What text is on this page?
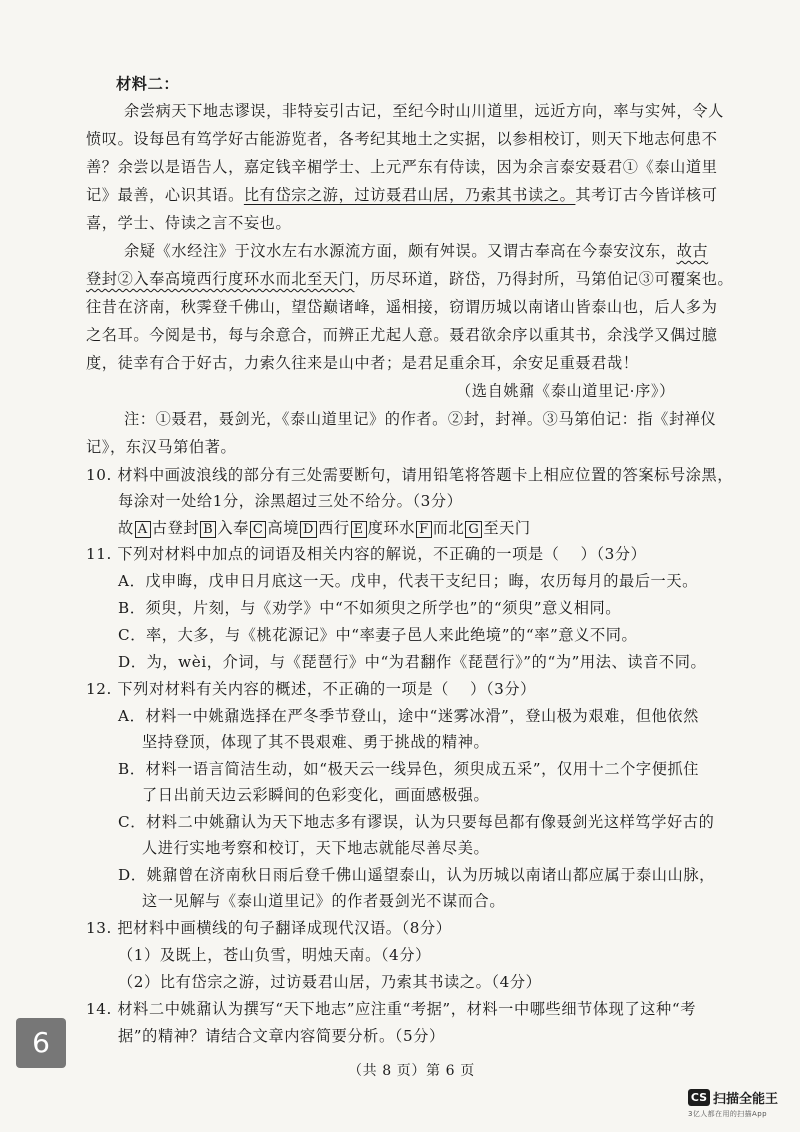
材料二：
余尝病天下地志谬误，非特妄引古记，至纪今时山川道里，远近方向，率与实舛，令人
愤叹。设每邑有笃学好古能游览者，各考纪其地土之实据，以参相校订，则天下地志何患不
善？余尝以是语告人，嘉定钱辛楣学士、上元严东有侍读，因为余言泰安聂君①《泰山道里
记》最善，心识其语。比有岱宗之游，过访聂君山居，乃索其书读之。其考订古今皆详核可
喜，学士、侍读之言不妄也。
余疑《水经注》于汶水左右水源流方面，颇有舛误。又谓古奉高在今泰安汶东，故古
登封②入奉高境西行度环水而北至天门，历尽环道，跻岱，乃得封所，马第伯记③可覆案也。
往昔在济南，秋霁登千佛山，望岱巅诸峰，遥相接，窃谓历城以南诸山皆泰山也，后人多为
之名耳。今阅是书，每与余意合，而辨正尤起人意。聂君欲余序以重其书，余浅学又偶过臆
度，徒幸有合于好古，力索久往来是山中者；是君足重余耳，余安足重聂君哉！
（选自姚鼐《泰山道里记·序》）
注：①聂君，聂剑光，《泰山道里记》的作者。②封，封禅。③马第伯记：指《封禅仪
记》，东汉马第伯著。
10. 材料中画波浪线的部分有三处需要断句，请用铅笔将答题卡上相应位置的答案标号涂黑，
每涂对一处给1分，涂黑超过三处不给分。（3分）
故 A 古登封 B 入奉 C 高境 D 西行 E 度环水 F 而北 G 至天门
11. 下列对材料中加点的词语及相关内容的解说，不正确的一项是（　 ）（3分）
A．戊申晦，戊申日月底这一天。戊申，代表干支纪日；晦，农历每月的最后一天。
B．须臾，片刻，与《劝学》中“不如须臾之所学也”的“须臾”意义相同。
C．率，大多，与《桃花源记》中“率妻子邑人来此绝境”的“率”意义不同。
D．为，wèi，介词，与《琵琶行》中“为君翻作《琵琶行》”的“为”用法、读音不同。
12. 下列对材料有关内容的概述，不正确的一项是（　 ）（3分）
A．材料一中姚鼐选择在严冬季节登山，途中“迷雾冰滑”，登山极为艰难，但他依然
坚持登顶，体现了其不畏艰难、勇于挑战的精神。
B．材料一语言简洁生动，如“极天云一线异色，须臾成五采”，仅用十二个字便抓住
了日出前天边云彩瞬间的色彩变化，画面感极强。
C．材料二中姚鼐认为天下地志多有谬误，认为只要每邑都有像聂剑光这样笃学好古的
人进行实地考察和校订，天下地志就能尽善尽美。
D．姚鼐曾在济南秋日雨后登千佛山遥望泰山，认为历城以南诸山都应属于泰山山脉，
这一见解与《泰山道里记》的作者聂剑光不谋而合。
13. 把材料中画横线的句子翻译成现代汉语。（8分）
（1）及既上，苍山负雪，明烛天南。（4分）
（2）比有岱宗之游，过访聂君山居，乃索其书读之。（4分）
14. 材料二中姚鼐认为撰写“天下地志”应注重“考据”，材料一中哪些细节体现了这种“考
据”的精神？请结合文章内容简要分析。（5分）
（共 8 页）第 6 页
6
CS 扫描全能王
3亿人都在用的扫描App
